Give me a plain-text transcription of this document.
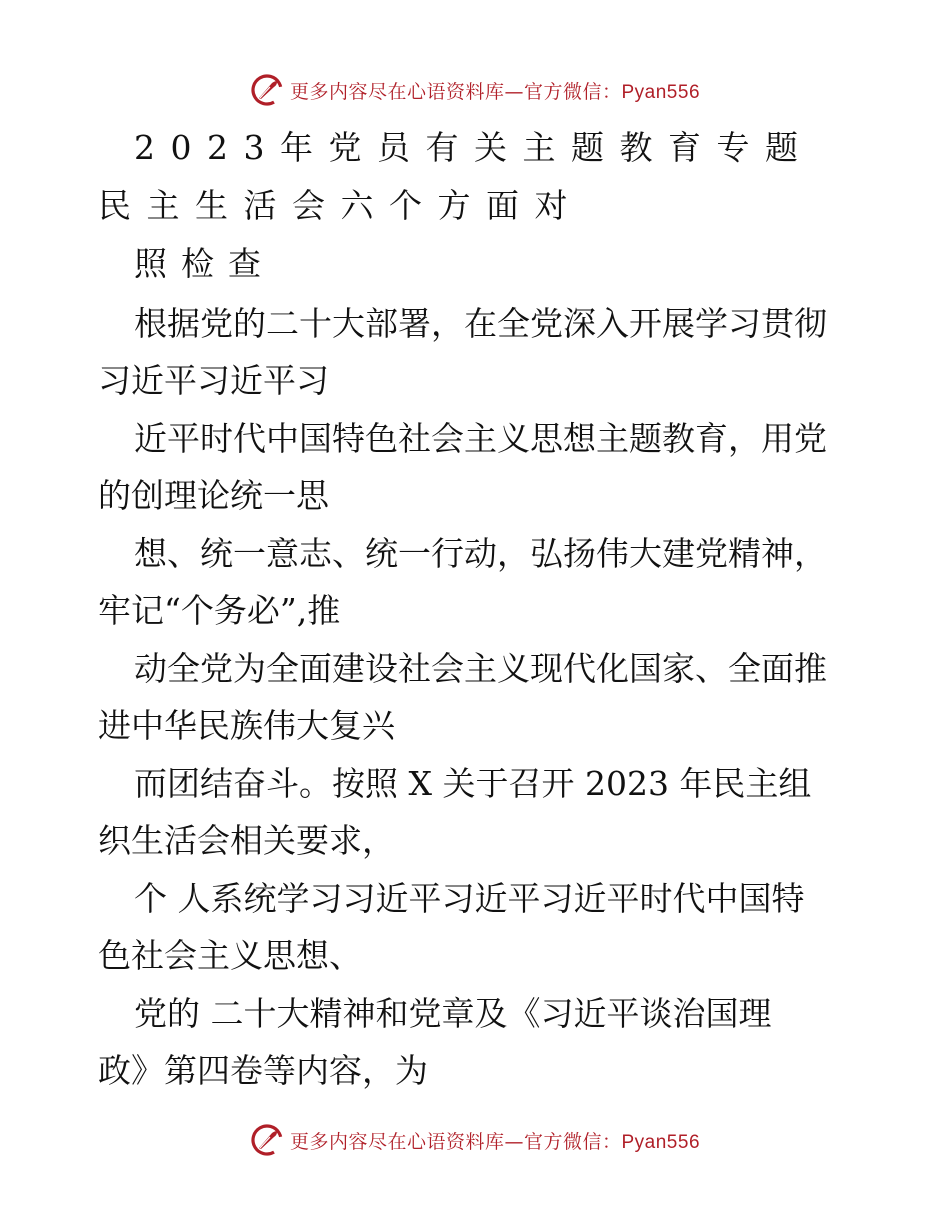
更多内容尽在心语资料库—官方微信：Pyan556
2023年党员有关主题教育专题
民主生活会六个方面对
照检查
根据党的二十大部署，在全党深入开展学习贯彻
习近平习近平习
近平时代中国特色社会主义思想主题教育，用党
的创理论统一思
想、统一意志、统一行动，弘扬伟大建党精神，
牢记“个务必”,推
动全党为全面建设社会主义现代化国家、全面推
进中华民族伟大复兴
而团结奋斗。按照 X 关于召开 2023 年民主组
织生活会相关要求，
个 人系统学习习近平习近平习近平时代中国特
色社会主义思想、
党的 二十大精神和党章及《习近平谈治国理
政》第四卷等内容，为
更多内容尽在心语资料库—官方微信：Pyan556
